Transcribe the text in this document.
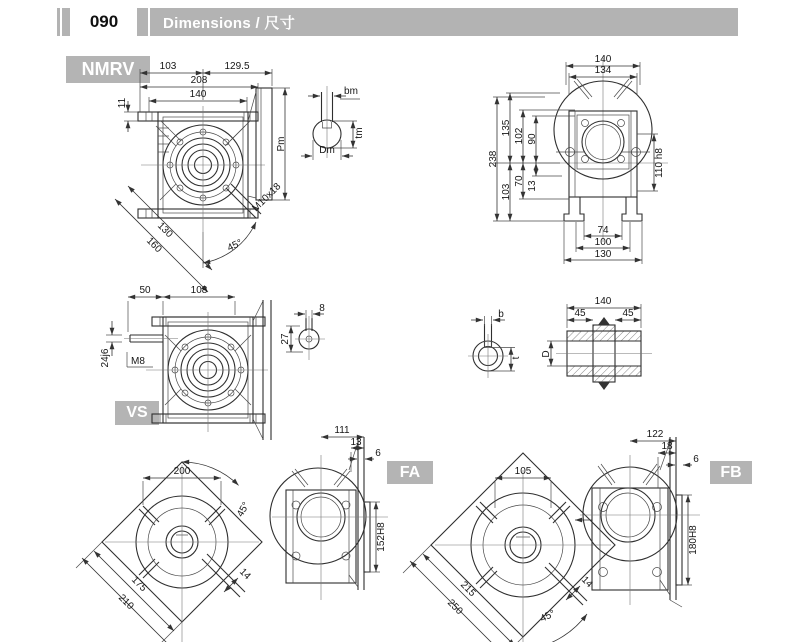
090	Dimensions / 尺寸
NMRV
VS
FA	FB
103	129.5
208
140
11
Pm
130
160	45°
M10x18
bm
tm
Dm
140
134
238
135 102 90
103
70 13
110 h8
74
100
130
50	108
24j6 M8
8
27
b
t
140
45	45
D
200
45°
175
210
14
111
13
6
152H8
105
215
250
14
45°
122
18
6
180H8
